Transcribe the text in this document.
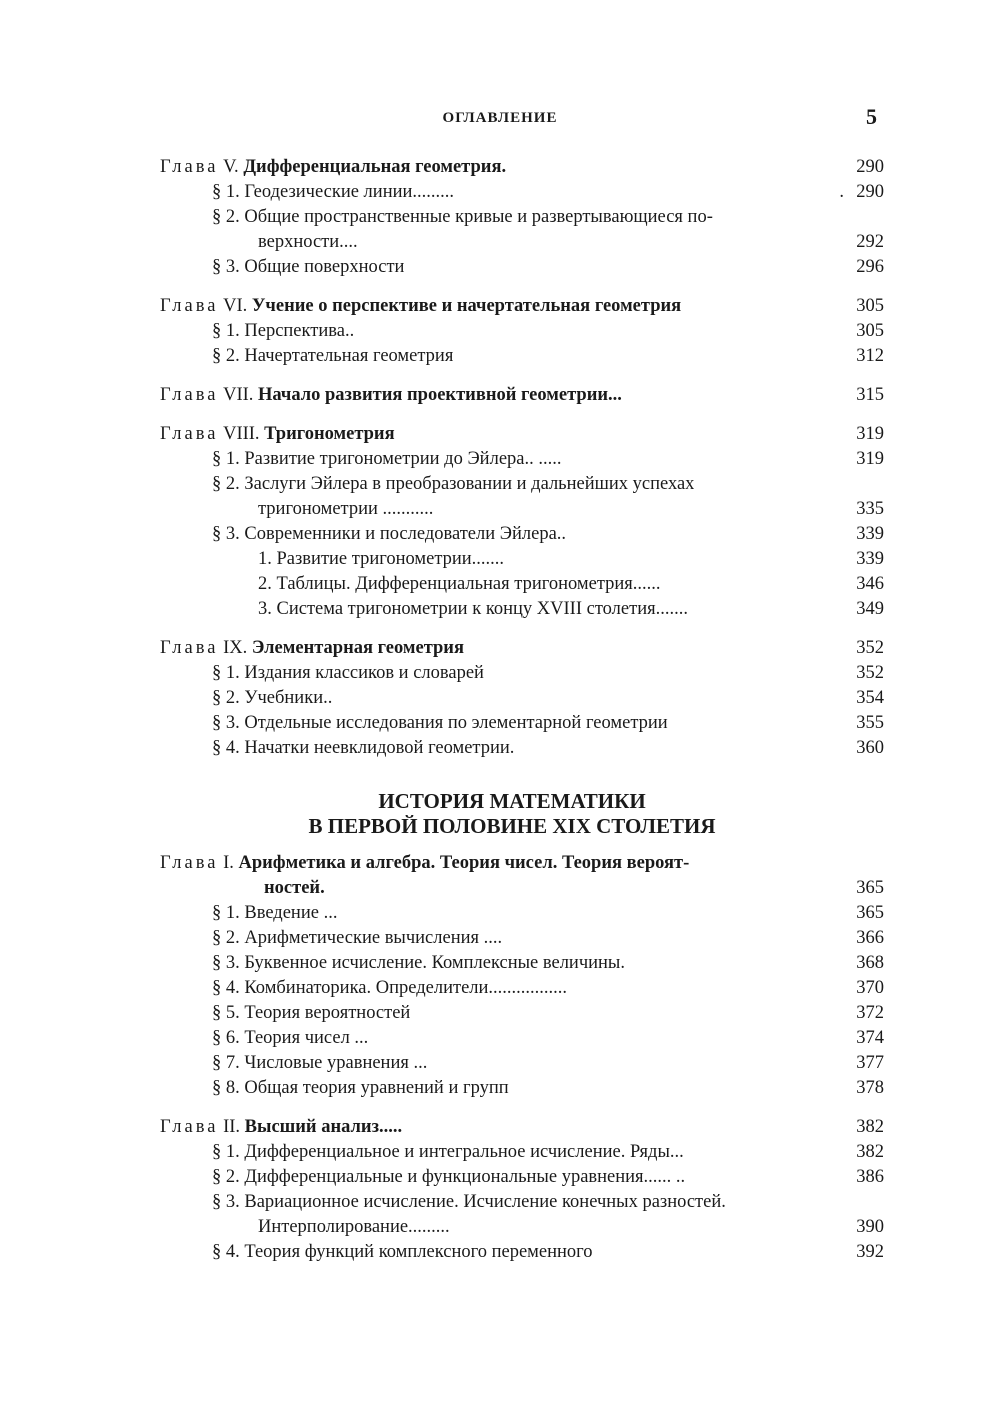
ОГЛАВЛЕНИЕ	5
Глава V. Дифференциальная геометрия.	290
§ 1. Геодезические линии.........	. 290
§ 2. Общие пространственные кривые и развертывающиеся по-
верхности....	292
§ 3. Общие поверхности	296
Глава VI. Учение о перспективе и начертательная геометрия	305
§ 1. Перспектива..	305
§ 2. Начертательная геометрия	312
Глава VII. Начало развития проективной геометрии...	315
Глава VIII. Тригонометрия	319
§ 1. Развитие тригонометрии до Эйлера.. .....	319
§ 2. Заслуги Эйлера в преобразовании и дальнейших успехах
тригонометрии ...........	335
§ 3. Современники и последователи Эйлера..	339
1. Развитие тригонометрии.......	339
2. Таблицы. Дифференциальная тригонометрия......	346
3. Система тригонометрии к концу XVIII столетия.......	349
Глава IX. Элементарная геометрия	352
§ 1. Издания классиков и словарей	352
§ 2. Учебники..	354
§ 3. Отдельные исследования по элементарной геометрии	355
§ 4. Начатки неевклидовой геометрии.	360
ИСТОРИЯ МАТЕМАТИКИ
В ПЕРВОЙ ПОЛОВИНЕ XIX СТОЛЕТИЯ
Глава I. Арифметика и алгебра. Теория чисел. Теория вероят-
ностей.	365
§ 1. Введение ...	365
§ 2. Арифметические вычисления ....	366
§ 3. Буквенное исчисление. Комплексные величины.	368
§ 4. Комбинаторика. Определители.................	370
§ 5. Теория вероятностей	372
§ 6. Теория чисел ...	374
§ 7. Числовые уравнения ...	377
§ 8. Общая теория уравнений и групп	378
Глава II. Высший анализ.....	382
§ 1. Дифференциальное и интегральное исчисление. Ряды...	382
§ 2. Дифференциальные и функциональные уравнения...... ..	386
§ 3. Вариационное исчисление. Исчисление конечных разностей.
Интерполирование.........	390
§ 4. Теория функций комплексного переменного	392
